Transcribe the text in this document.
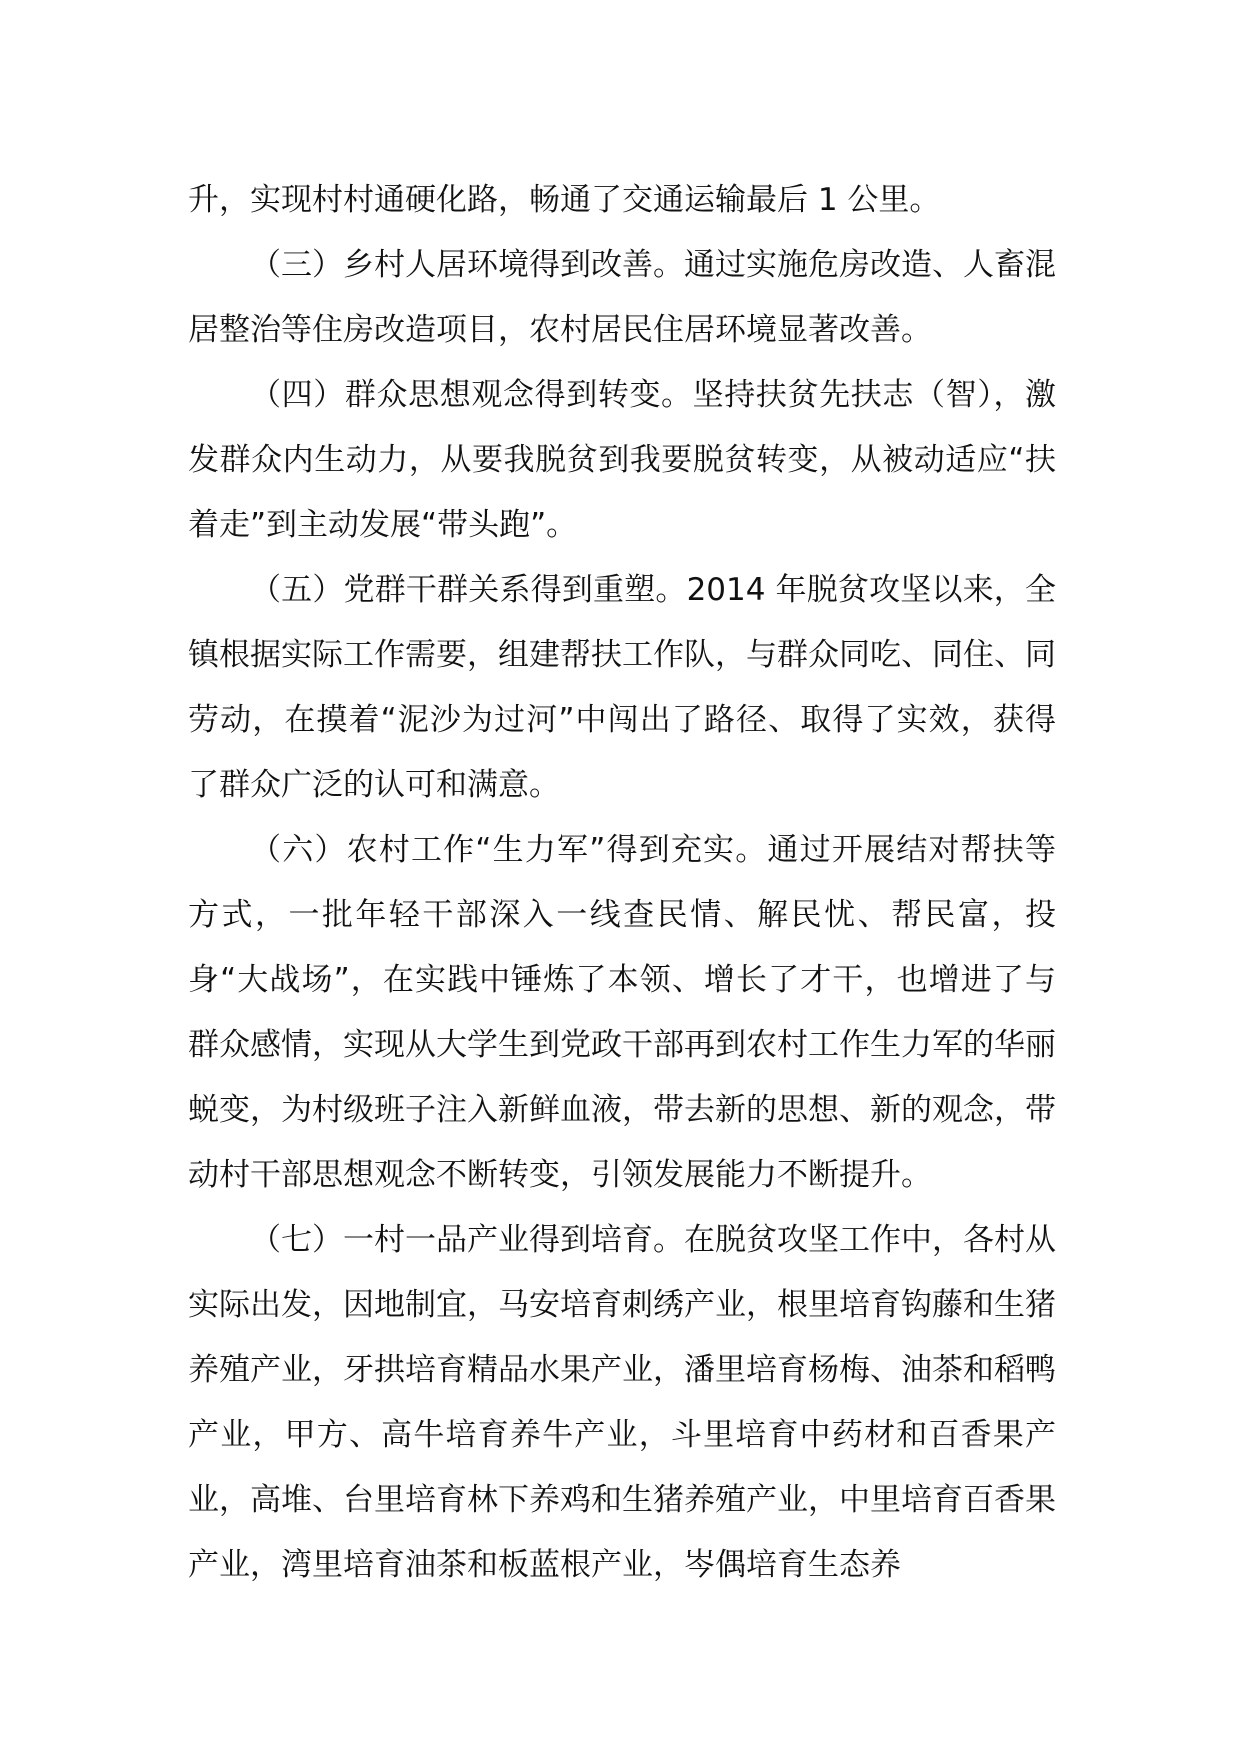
升，实现村村通硬化路，畅通了交通运输最后 1 公里。

（三）乡村人居环境得到改善。通过实施危房改造、人畜混居整治等住房改造项目，农村居民住居环境显著改善。

（四）群众思想观念得到转变。坚持扶贫先扶志（智），激发群众内生动力，从要我脱贫到我要脱贫转变，从被动适应“扶着走”到主动发展“带头跑”。

（五）党群干群关系得到重塑。2014 年脱贫攻坚以来，全镇根据实际工作需要，组建帮扶工作队，与群众同吃、同住、同劳动，在摸着“泥沙为过河”中闯出了路径、取得了实效，获得了群众广泛的认可和满意。

（六）农村工作“生力军”得到充实。通过开展结对帮扶等方式，一批年轻干部深入一线查民情、解民忧、帮民富，投身“大战场”，在实践中锤炼了本领、增长了才干，也增进了与群众感情，实现从大学生到党政干部再到农村工作生力军的华丽蜕变，为村级班子注入新鲜血液，带去新的思想、新的观念，带动村干部思想观念不断转变，引领发展能力不断提升。

（七）一村一品产业得到培育。在脱贫攻坚工作中，各村从实际出发，因地制宜，马安培育刺绣产业，根里培育钩藤和生猪养殖产业，牙拱培育精品水果产业，潘里培育杨梅、油茶和稻鸭产业，甲方、高牛培育养牛产业，斗里培育中药材和百香果产业，高堆、台里培育林下养鸡和生猪养殖产业，中里培育百香果产业，湾里培育油茶和板蓝根产业，岑偶培育生态养
